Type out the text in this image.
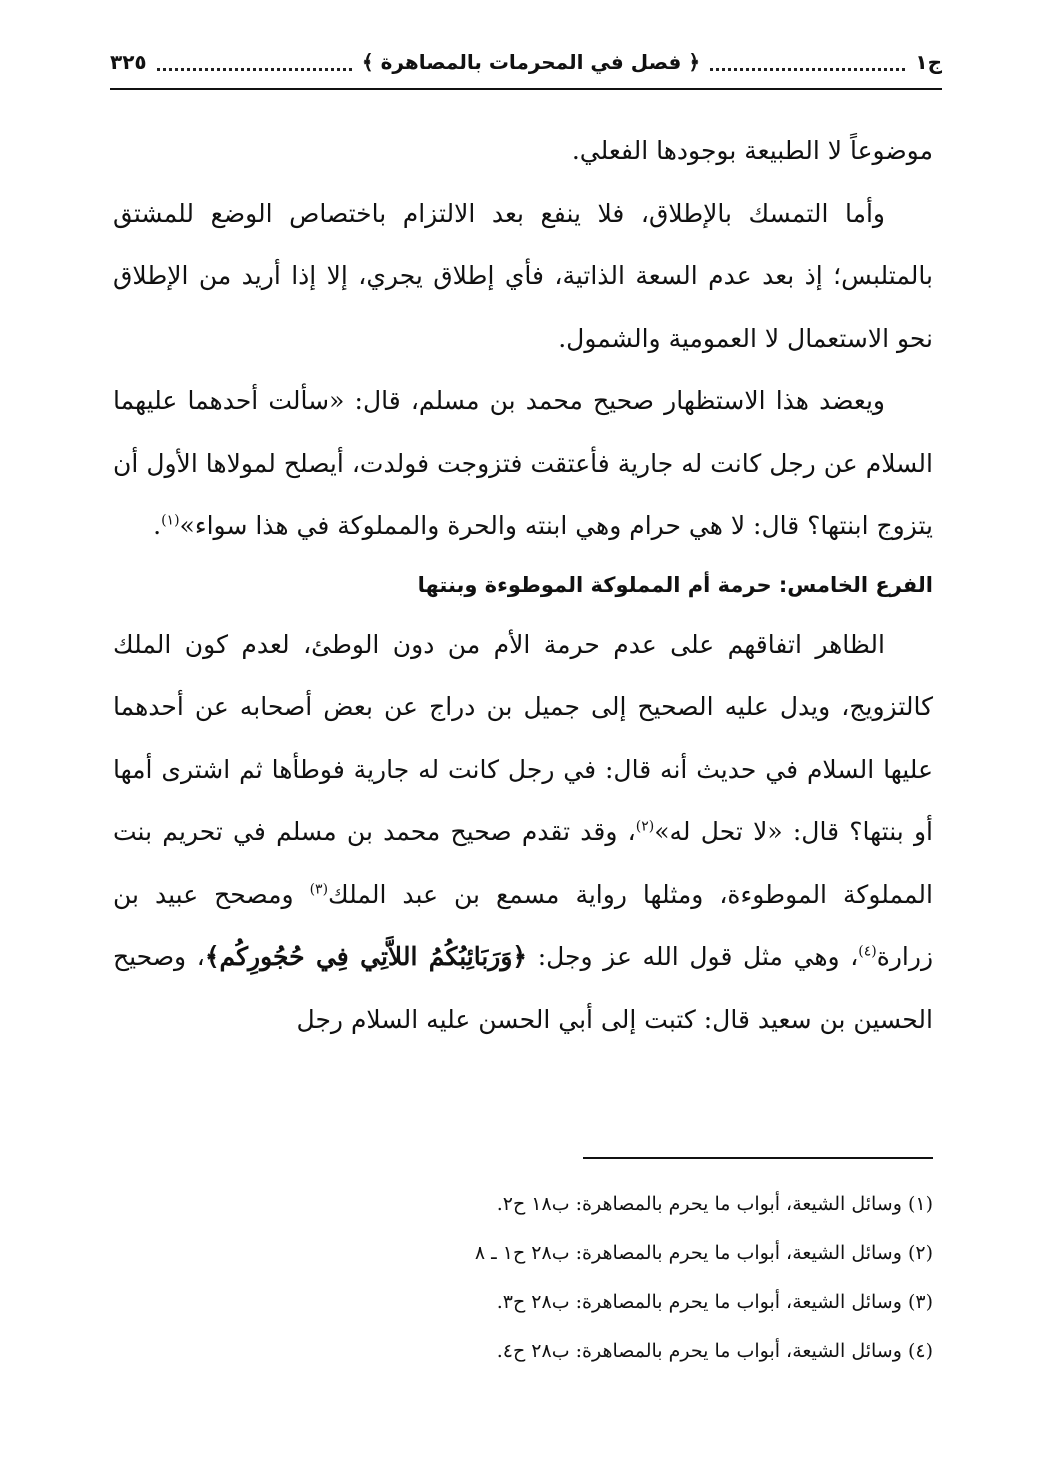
ج١
﴿ فصل في المحرمات بالمصاهرة ﴾
٣٢٥

موضوعاً لا الطبيعة بوجودها الفعلي.

وأما التمسك بالإطلاق، فلا ينفع بعد الالتزام باختصاص الوضع للمشتق بالمتلبس؛ إذ بعد عدم السعة الذاتية، فأي إطلاق يجري، إلا إذا أريد من الإطلاق نحو الاستعمال لا العمومية والشمول.

ويعضد هذا الاستظهار صحيح محمد بن مسلم، قال: «سألت أحدهما عليهما السلام عن رجل كانت له جارية فأعتقت فتزوجت فولدت، أيصلح لمولاها الأول أن يتزوج ابنتها؟ قال: لا هي حرام وهي ابنته والحرة والمملوكة في هذا سواء»$^{(١)}$.

الفرع الخامس: حرمة أم المملوكة الموطوءة وبنتها

الظاهر اتفاقهم على عدم حرمة الأم من دون الوطئ، لعدم كون الملك كالتزويج، ويدل عليه الصحيح إلى جميل بن دراج عن بعض أصحابه عن أحدهما عليها السلام في حديث أنه قال: في رجل كانت له جارية فوطأها ثم اشترى أمها أو بنتها؟ قال: «لا تحل له»$^{(٢)}$، وقد تقدم صحيح محمد بن مسلم في تحريم بنت المملوكة الموطوءة، ومثلها رواية مسمع بن عبد الملك$^{(٣)}$ ومصحح عبيد بن زرارة$^{(٤)}$، وهي مثل قول الله عز وجل: ﴿وَرَبَائِبُكُمُ اللاَّتِي فِي حُجُورِكُم﴾، وصحيح الحسين بن سعيد قال: كتبت إلى أبي الحسن عليه السلام رجل

(١) وسائل الشيعة، أبواب ما يحرم بالمصاهرة: ب١٨ ح٢.
(٢) وسائل الشيعة، أبواب ما يحرم بالمصاهرة: ب٢٨ ح١ ـ ٨
(٣) وسائل الشيعة، أبواب ما يحرم بالمصاهرة: ب٢٨ ح٣.
(٤) وسائل الشيعة، أبواب ما يحرم بالمصاهرة: ب٢٨ ح٤.
